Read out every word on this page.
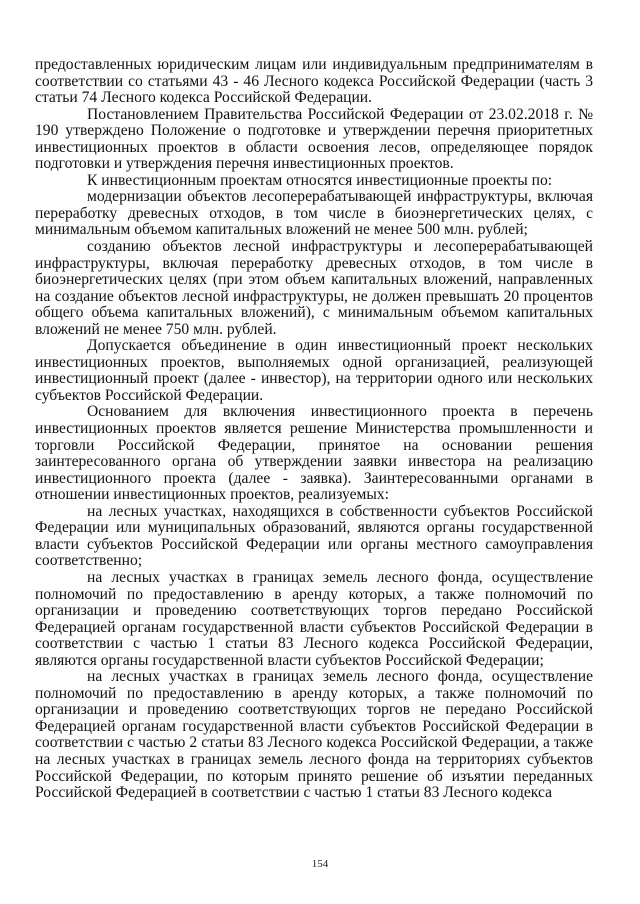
предоставленных юридическим лицам или индивидуальным предпринимателям в соответствии со статьями 43 - 46 Лесного кодекса Российской Федерации (часть 3 статьи 74 Лесного кодекса Российской Федерации.

Постановлением Правительства Российской Федерации от 23.02.2018 г. № 190 утверждено Положение о подготовке и утверждении перечня приоритетных инвестиционных проектов в области освоения лесов, определяющее порядок подготовки и утверждения перечня инвестиционных проектов.

К инвестиционным проектам относятся инвестиционные проекты по:

модернизации объектов лесоперерабатывающей инфраструктуры, включая переработку древесных отходов, в том числе в биоэнергетических целях, с минимальным объемом капитальных вложений не менее 500 млн. рублей;

созданию объектов лесной инфраструктуры и лесоперерабатывающей инфраструктуры, включая переработку древесных отходов, в том числе в биоэнергетических целях (при этом объем капитальных вложений, направленных на создание объектов лесной инфраструктуры, не должен превышать 20 процентов общего объема капитальных вложений), с минимальным объемом капитальных вложений не менее 750 млн. рублей.

Допускается объединение в один инвестиционный проект нескольких инвестиционных проектов, выполняемых одной организацией, реализующей инвестиционный проект (далее - инвестор), на территории одного или нескольких субъектов Российской Федерации.

Основанием для включения инвестиционного проекта в перечень инвестиционных проектов является решение Министерства промышленности и торговли Российской Федерации, принятое на основании решения заинтересованного органа об утверждении заявки инвестора на реализацию инвестиционного проекта (далее - заявка). Заинтересованными органами в отношении инвестиционных проектов, реализуемых:

на лесных участках, находящихся в собственности субъектов Российской Федерации или муниципальных образований, являются органы государственной власти субъектов Российской Федерации или органы местного самоуправления соответственно;

на лесных участках в границах земель лесного фонда, осуществление полномочий по предоставлению в аренду которых, а также полномочий по организации и проведению соответствующих торгов передано Российской Федерацией органам государственной власти субъектов Российской Федерации в соответствии с частью 1 статьи 83 Лесного кодекса Российской Федерации, являются органы государственной власти субъектов Российской Федерации;

на лесных участках в границах земель лесного фонда, осуществление полномочий по предоставлению в аренду которых, а также полномочий по организации и проведению соответствующих торгов не передано Российской Федерацией органам государственной власти субъектов Российской Федерации в соответствии с частью 2 статьи 83 Лесного кодекса Российской Федерации, а также на лесных участках в границах земель лесного фонда на территориях субъектов Российской Федерации, по которым принято решение об изъятии переданных Российской Федерацией в соответствии с частью 1 статьи 83 Лесного кодекса

154
